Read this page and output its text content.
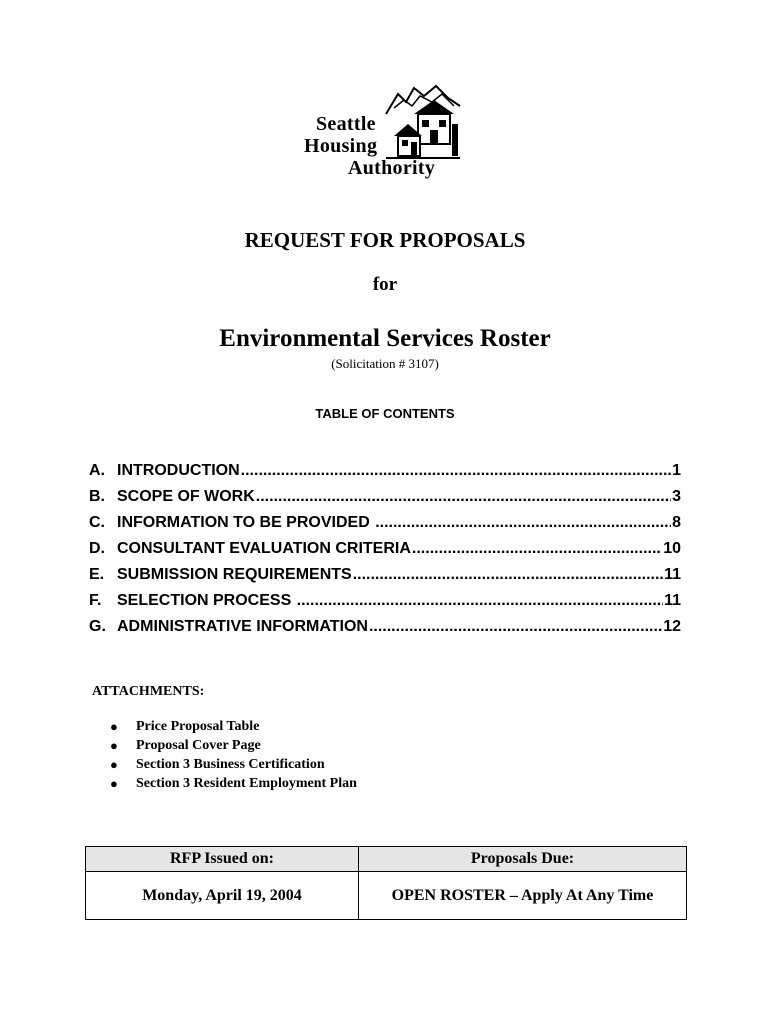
Seattle
Housing
Authority
REQUEST FOR PROPOSALS
for
Environmental Services Roster
(Solicitation # 3107)
TABLE OF CONTENTS
A. INTRODUCTION .....	1
B. SCOPE OF WORK .....	3
C. INFORMATION TO BE PROVIDED .....	8
D. CONSULTANT EVALUATION CRITERIA .....	10
E. SUBMISSION REQUIREMENTS .....	11
F. SELECTION PROCESS .....	11
G. ADMINISTRATIVE INFORMATION .....	12
ATTACHMENTS:
●	Price Proposal Table
●	Proposal Cover Page
●	Section 3 Business Certification
●	Section 3 Resident Employment Plan
RFP Issued on:	Proposals Due:
Monday, April 19, 2004	OPEN ROSTER – Apply At Any Time
